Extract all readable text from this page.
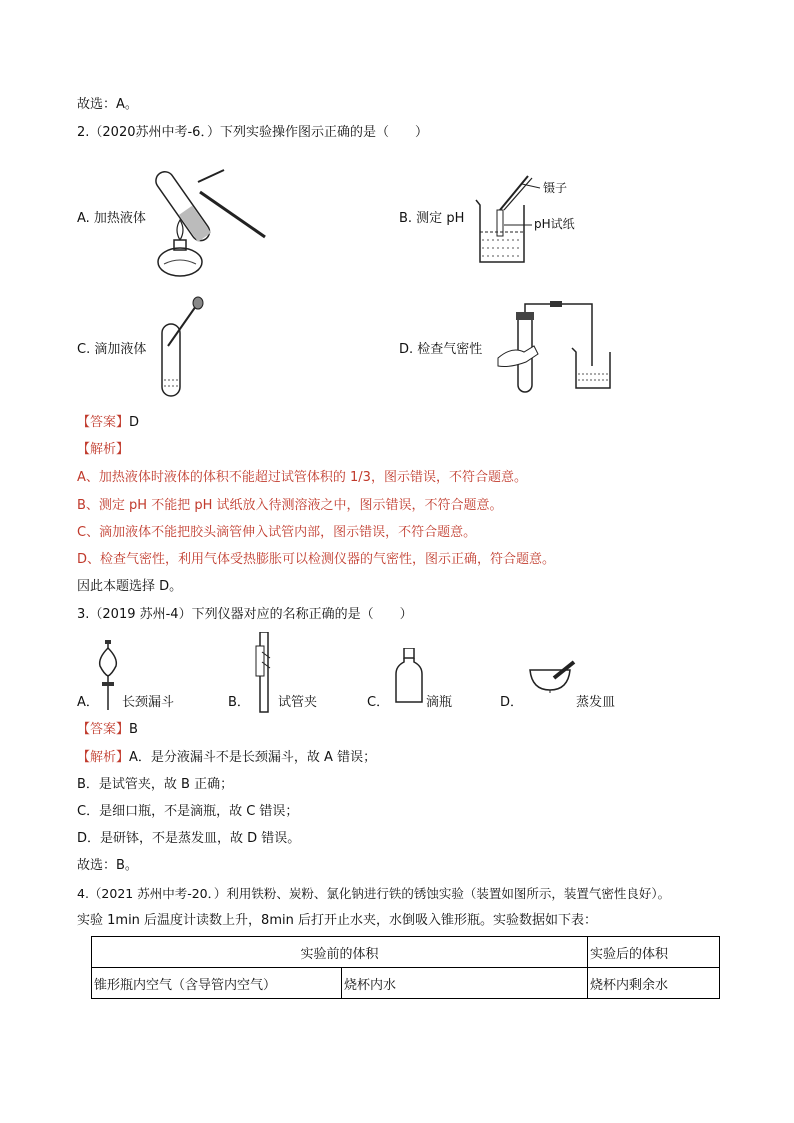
故选：A。
2.（2020苏州中考-6．）下列实验操作图示正确的是（　　）
A. 加热液体	B. 测定 pH
镊子
pH试纸
C. 滴加液体	D. 检查气密性
【答案】D
【解析】
A、加热液体时液体的体积不能超过试管体积的 1/3，图示错误，不符合题意。
B、测定 pH 不能把 pH 试纸放入待测溶液之中，图示错误，不符合题意。
C、滴加液体不能把胶头滴管伸入试管内部，图示错误，不符合题意。
D、检查气密性，利用气体受热膨胀可以检测仪器的气密性，图示正确，符合题意。
因此本题选择 D。
3.（2019 苏州-4）下列仪器对应的名称正确的是（　　）
A． 长颈漏斗	B． 试管夹	C．	滴瓶	D．	蒸发皿
【答案】B
【解析】A．是分液漏斗不是长颈漏斗，故 A 错误；
B．是试管夹，故 B 正确；
C．是细口瓶，不是滴瓶，故 C 错误；
D．是研钵，不是蒸发皿，故 D 错误。
故选：B。
4.（2021 苏州中考-20．）利用铁粉、炭粉、氯化钠进行铁的锈蚀实验（装置如图所示，装置气密性良好）。
实验 1min 后温度计读数上升，8min 后打开止水夹，水倒吸入锥形瓶。实验数据如下表：
实验前的体积		实验后的体积
锥形瓶内空气（含导管内空气）	烧杯内水	烧杯内剩余水
